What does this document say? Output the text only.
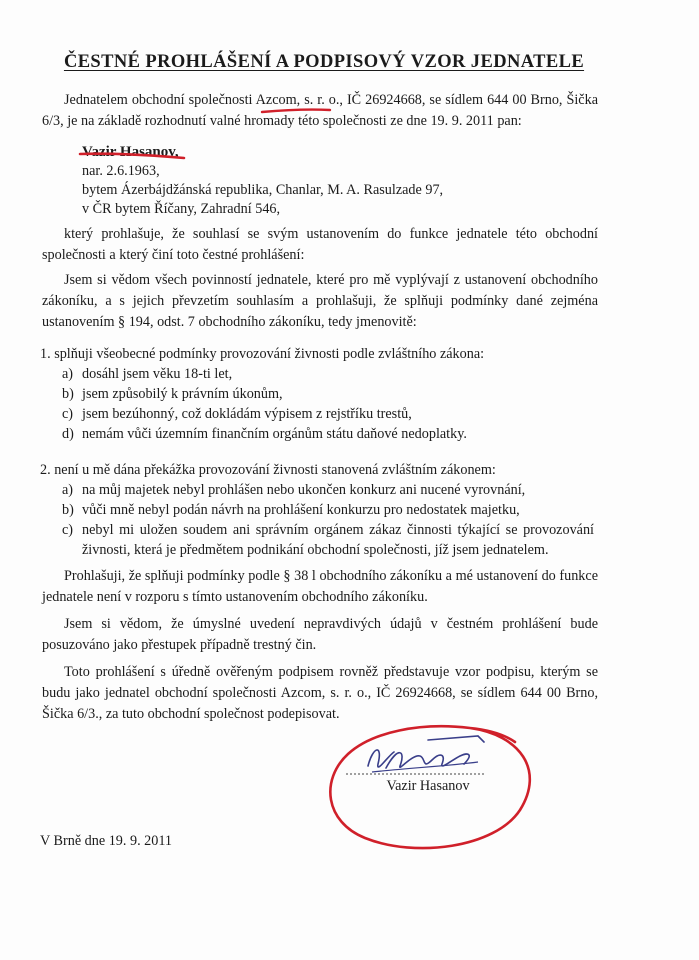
ČESTNÉ PROHLÁŠENÍ A PODPISOVÝ VZOR JEDNATELE

Jednatelem obchodní společnosti Azcom, s. r. o., IČ 26924668, se sídlem 644 00 Brno, Šička 6/3, je na základě rozhodnutí valné hromady této společnosti ze dne 19. 9. 2011 pan:

Vazir Hasanov,
nar. 2.6.1963,
bytem Ázerbájdžánská republika, Chanlar, M. A. Rasulzade 97,
v ČR bytem Říčany, Zahradní 546,

který prohlašuje, že souhlasí se svým ustanovením do funkce jednatele této obchodní společnosti a který činí toto čestné prohlášení:

Jsem si vědom všech povinností jednatele, které pro mě vyplývají z ustanovení obchodního zákoníku, a s jejich převzetím souhlasím a prohlašuji, že splňuji podmínky dané zejména ustanovením § 194, odst. 7 obchodního zákoníku, tedy jmenovitě:

1. splňuji všeobecné podmínky provozování živnosti podle zvláštního zákona:
a) dosáhl jsem věku 18-ti let,
b) jsem způsobilý k právním úkonům,
c) jsem bezúhonný, což dokládám výpisem z rejstříku trestů,
d) nemám vůči územním finančním orgánům státu daňové nedoplatky.
2. není u mě dána překážka provozování živnosti stanovená zvláštním zákonem:
a) na můj majetek nebyl prohlášen nebo ukončen konkurz ani nucené vyrovnání,
b) vůči mně nebyl podán návrh na prohlášení konkurzu pro nedostatek majetku,
c) nebyl mi uložen soudem ani správním orgánem zákaz činnosti týkající se provozování živnosti, která je předmětem podnikání obchodní společnosti, jíž jsem jednatelem.

Prohlašuji, že splňuji podmínky podle § 38 l obchodního zákoníku a mé ustanovení do funkce jednatele není v rozporu s tímto ustanovením obchodního zákoníku.

Jsem si vědom, že úmyslné uvedení nepravdivých údajů v čestném prohlášení bude posuzováno jako přestupek případně trestný čin.

Toto prohlášení s úředně ověřeným podpisem rovněž představuje vzor podpisu, kterým se budu jako jednatel obchodní společnosti Azcom, s. r. o., IČ 26924668, se sídlem 644 00 Brno, Šička 6/3., za tuto obchodní společnost podepisovat.

Vazir Hasanov
V Brně dne 19. 9. 2011
